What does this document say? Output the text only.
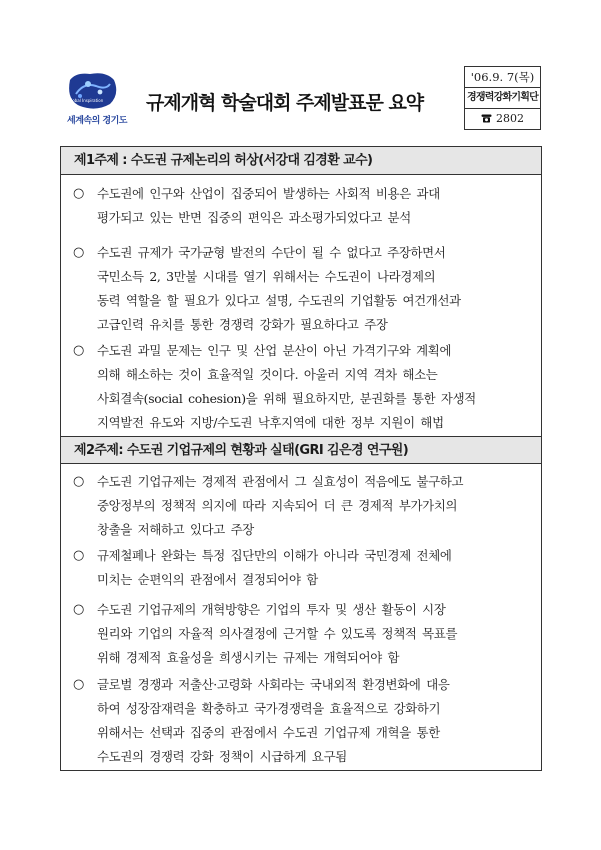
Global Inspiration
세계속의 경기도
규제개혁 학술대회 주제발표문 요약
'06.9. 7(목)
경쟁력강화기획단
2802
제1주제 : 수도권 규제논리의 허상(서강대 김경환 교수)
○ 수도권에 인구와 산업이 집중되어 발생하는 사회적 비용은 과대
평가되고 있는 반면 집중의 편익은 과소평가되었다고 분석
○ 수도권 규제가 국가균형 발전의 수단이 될 수 없다고 주장하면서
국민소득 2, 3만불 시대를 열기 위해서는 수도권이 나라경제의
동력 역할을 할 필요가 있다고 설명, 수도권의 기업활동 여건개선과
고급인력 유치를 통한 경쟁력 강화가 필요하다고 주장
○ 수도권 과밀 문제는 인구 및 산업 분산이 아닌 가격기구와 계획에
의해 해소하는 것이 효율적일 것이다. 아울러 지역 격차 해소는
사회결속(social cohesion)을 위해 필요하지만, 분권화를 통한 자생적
지역발전 유도와 지방/수도권 낙후지역에 대한 정부 지원이 해법
제2주제: 수도권 기업규제의 현황과 실태(GRI 김은경 연구원)
○ 수도권 기업규제는 경제적 관점에서 그 실효성이 적음에도 불구하고
중앙정부의 정책적 의지에 따라 지속되어 더 큰 경제적 부가가치의
창출을 저해하고 있다고 주장
○ 규제철폐나 완화는 특정 집단만의 이해가 아니라 국민경제 전체에
미치는 순편익의 관점에서 결정되어야 함
○ 수도권 기업규제의 개혁방향은 기업의 투자 및 생산 활동이 시장
원리와 기업의 자율적 의사결정에 근거할 수 있도록 정책적 목표를
위해 경제적 효율성을 희생시키는 규제는 개혁되어야 함
○ 글로벌 경쟁과 저출산·고령화 사회라는 국내외적 환경변화에 대응
하여 성장잠재력을 확충하고 국가경쟁력을 효율적으로 강화하기
위해서는 선택과 집중의 관점에서 수도권 기업규제 개혁을 통한
수도권의 경쟁력 강화 정책이 시급하게 요구됨
